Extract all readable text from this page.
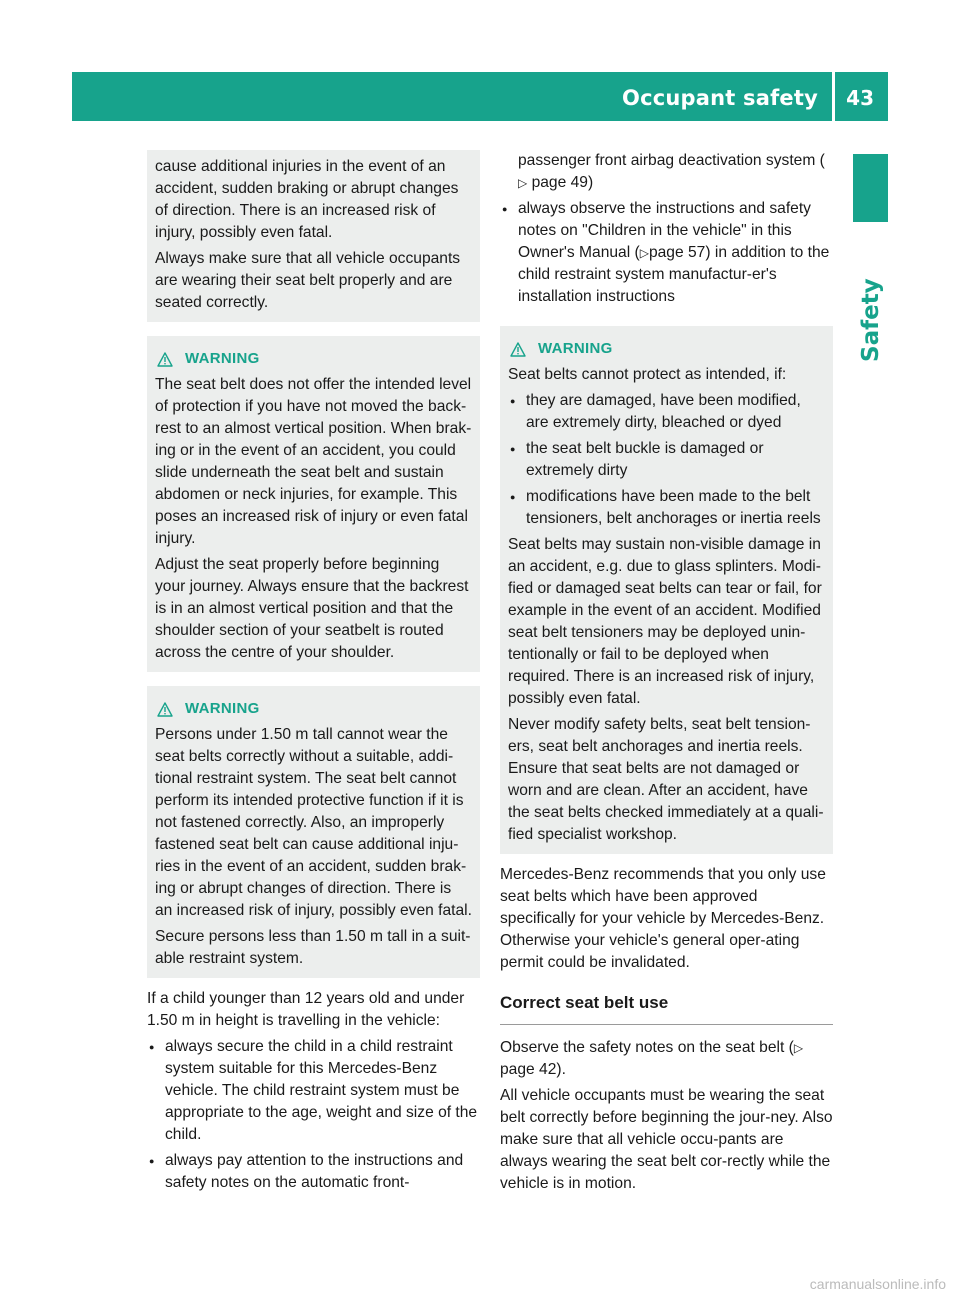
Occupant safety 43
Safety

cause additional injuries in the event of an accident, sudden braking or abrupt changes of direction. There is an increased risk of injury, possibly even fatal.

Always make sure that all vehicle occupants are wearing their seat belt properly and are seated correctly.

WARNING

The seat belt does not offer the intended level of protection if you have not moved the back-rest to an almost vertical position. When brak-ing or in the event of an accident, you could slide underneath the seat belt and sustain abdomen or neck injuries, for example. This poses an increased risk of injury or even fatal injury.

Adjust the seat properly before beginning your journey. Always ensure that the backrest is in an almost vertical position and that the shoulder section of your seatbelt is routed across the centre of your shoulder.

WARNING

Persons under 1.50 m tall cannot wear the seat belts correctly without a suitable, addi-tional restraint system. The seat belt cannot perform its intended protective function if it is not fastened correctly. Also, an improperly fastened seat belt can cause additional inju-ries in the event of an accident, sudden brak-ing or abrupt changes of direction. There is an increased risk of injury, possibly even fatal.

Secure persons less than 1.50 m tall in a suit-able restraint system.

If a child younger than 12 years old and under 1.50 m in height is travelling in the vehicle:

● always secure the child in a child restraint system suitable for this Mercedes-Benz vehicle. The child restraint system must be appropriate to the age, weight and size of the child.
● always pay attention to the instructions and safety notes on the automatic front-

passenger front airbag deactivation system (▷ page 49)

● always observe the instructions and safety notes on "Children in the vehicle" in this Owner's Manual (▷page 57) in addition to the child restraint system manufactur-er's installation instructions
WARNING

Seat belts cannot protect as intended, if:

● they are damaged, have been modified, are extremely dirty, bleached or dyed
● the seat belt buckle is damaged or extremely dirty
● modifications have been made to the belt tensioners, belt anchorages or inertia reels

Seat belts may sustain non-visible damage in an accident, e.g. due to glass splinters. Modi-fied or damaged seat belts can tear or fail, for example in the event of an accident. Modified seat belt tensioners may be deployed unin-tentionally or fail to be deployed when required. There is an increased risk of injury, possibly even fatal.

Never modify safety belts, seat belt tension-ers, seat belt anchorages and inertia reels. Ensure that seat belts are not damaged or worn and are clean. After an accident, have the seat belts checked immediately at a quali-fied specialist workshop.

Mercedes-Benz recommends that you only use seat belts which have been approved specifically for your vehicle by Mercedes-Benz. Otherwise your vehicle's general oper-ating permit could be invalidated.

Correct seat belt use

Observe the safety notes on the seat belt (▷page 42).

All vehicle occupants must be wearing the seat belt correctly before beginning the jour-ney. Also make sure that all vehicle occu-pants are always wearing the seat belt cor-rectly while the vehicle is in motion.

carmanualsonline.info
